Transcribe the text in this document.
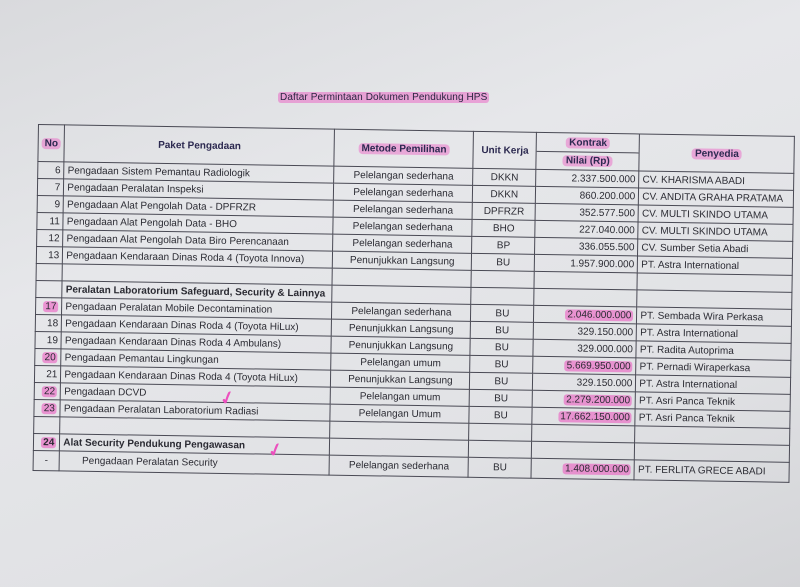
Daftar Permintaan Dokumen Pendukung HPS
No	Paket Pengadaan	Metode Pemilihan	Unit Kerja	Kontrak
Nilai (Rp)	Penyedia
6	Pengadaan Sistem Pemantau Radiologik	Pelelangan sederhana	DKKN	2.337.500.000	CV. KHARISMA ABADI
7	Pengadaan Peralatan Inspeksi	Pelelangan sederhana	DKKN	860.200.000	CV. ANDITA GRAHA PRATAMA
9	Pengadaan Alat Pengolah Data - DPFRZR	Pelelangan sederhana	DPFRZR	352.577.500	CV. MULTI SKINDO UTAMA
11	Pengadaan Alat Pengolah Data - BHO	Pelelangan sederhana	BHO	227.040.000	CV. MULTI SKINDO UTAMA
12	Pengadaan Alat Pengolah Data Biro Perencanaan	Pelelangan sederhana	BP	336.055.500	CV. Sumber Setia Abadi
13	Pengadaan Kendaraan Dinas Roda 4 (Toyota Innova)	Penunjukkan Langsung	BU	1.957.900.000	PT. Astra International

	Peralatan Laboratorium Safeguard, Security & Lainnya				
17	Pengadaan Peralatan Mobile Decontamination	Pelelangan sederhana	BU	2.046.000.000	PT. Sembada Wira Perkasa
18	Pengadaan Kendaraan Dinas Roda 4 (Toyota HiLux)	Penunjukkan Langsung	BU	329.150.000	PT. Astra International
19	Pengadaan Kendaraan Dinas Roda 4 Ambulans)	Penunjukkan Langsung	BU	329.000.000	PT. Radita Autoprima
20	Pengadaan Pemantau Lingkungan	Pelelangan umum	BU	5.669.950.000	PT. Pernadi Wiraperkasa
21	Pengadaan Kendaraan Dinas Roda 4 (Toyota HiLux)	Penunjukkan Langsung	BU	329.150.000	PT. Astra International
22	Pengadaan DCVD	Pelelangan umum	BU	2.279.200.000	PT. Asri Panca Teknik
23	Pengadaan Peralatan Laboratorium Radiasi	Pelelangan Umum	BU	17.662.150.000	PT. Asri Panca Teknik

24	Alat Security Pendukung Pengawasan				
-	Pengadaan Peralatan Security	Pelelangan sederhana	BU	1.408.000.000	PT. FERLITA GRECE ABADI
✓
✓
